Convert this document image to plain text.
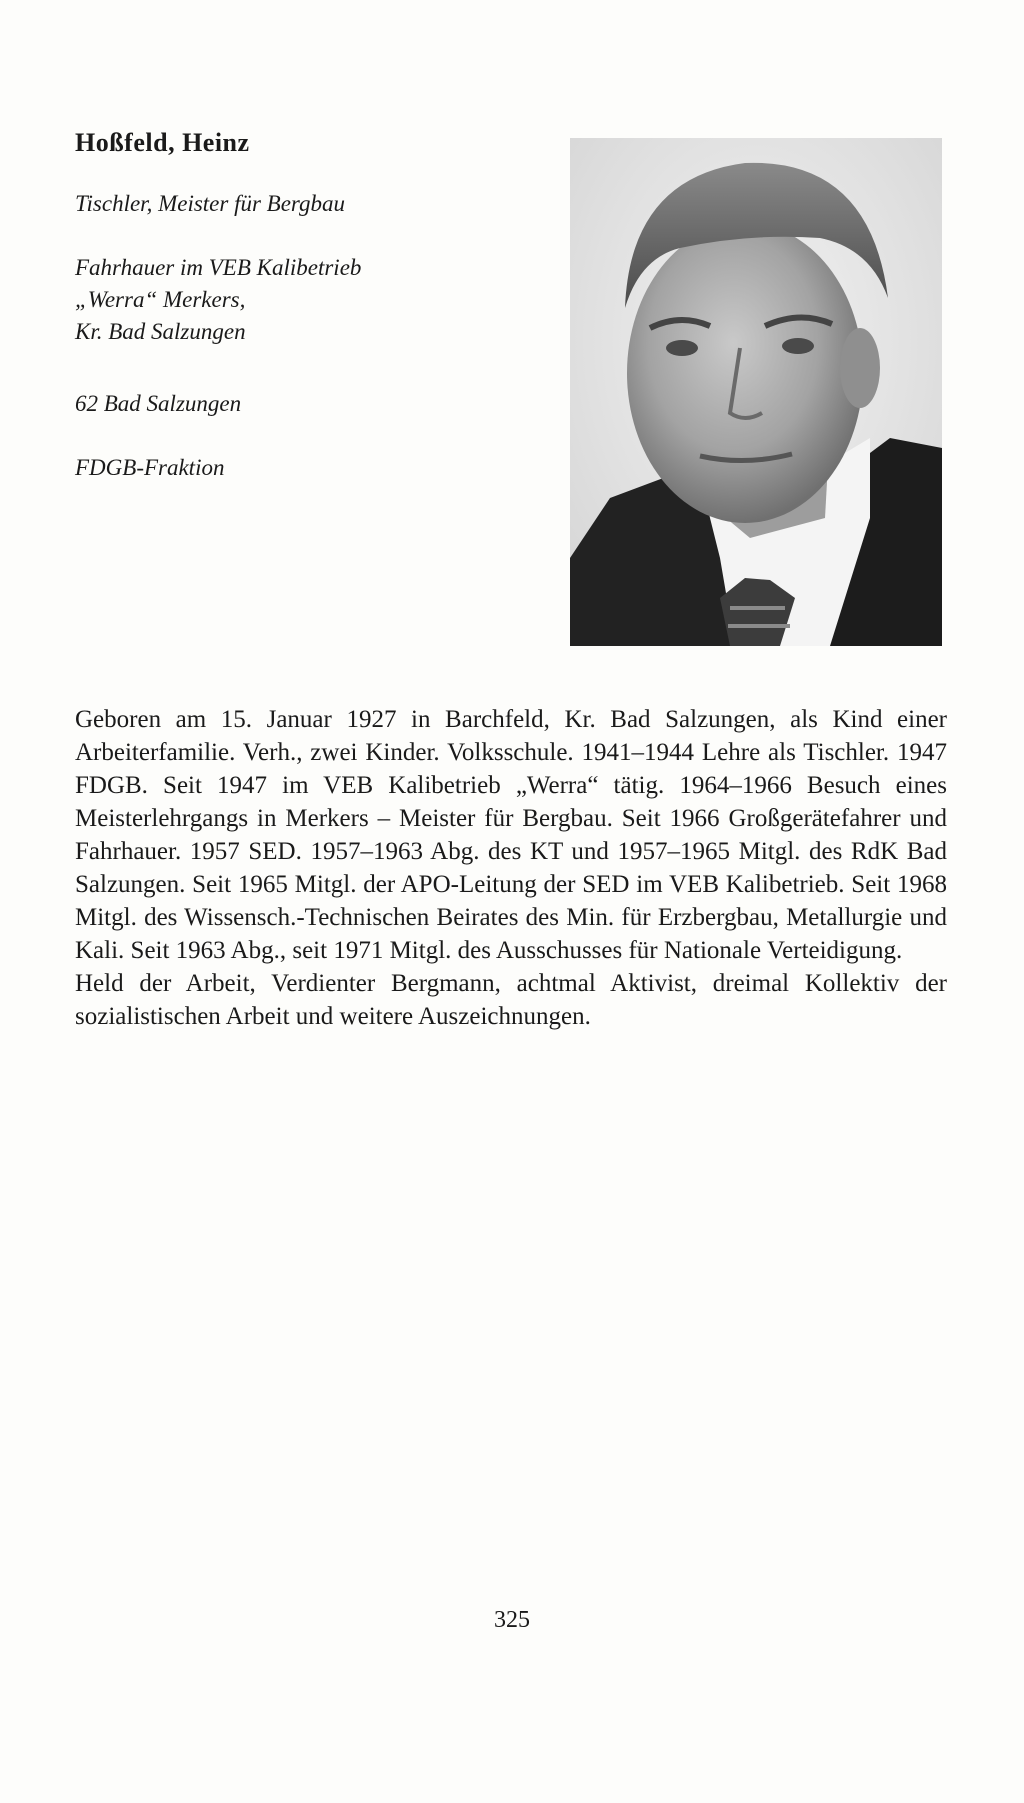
Hoßfeld, Heinz
Tischler, Meister für Bergbau
Fahrhauer im VEB Kalibetrieb
„Werra“ Merkers,
Kr. Bad Salzungen
62 Bad Salzungen
FDGB-Fraktion

Geboren am 15. Januar 1927 in Barchfeld, Kr. Bad Salzungen, als Kind einer Arbeiterfamilie. Verh., zwei Kinder. Volksschule. 1941–1944 Lehre als Tischler. 1947 FDGB. Seit 1947 im VEB Kalibetrieb „Werra“ tätig. 1964–1966 Besuch eines Meisterlehrgangs in Merkers – Meister für Bergbau. Seit 1966 Großgerätefahrer und Fahrhauer. 1957 SED. 1957–1963 Abg. des KT und 1957–1965 Mitgl. des RdK Bad Salzungen. Seit 1965 Mitgl. der APO-Leitung der SED im VEB Kalibetrieb. Seit 1968 Mitgl. des Wissensch.-Technischen Beirates des Min. für Erzbergbau, Metallurgie und Kali. Seit 1963 Abg., seit 1971 Mitgl. des Ausschusses für Nationale Verteidigung.

Held der Arbeit, Verdienter Bergmann, achtmal Aktivist, dreimal Kollektiv der sozialistischen Arbeit und weitere Auszeichnungen.

325
